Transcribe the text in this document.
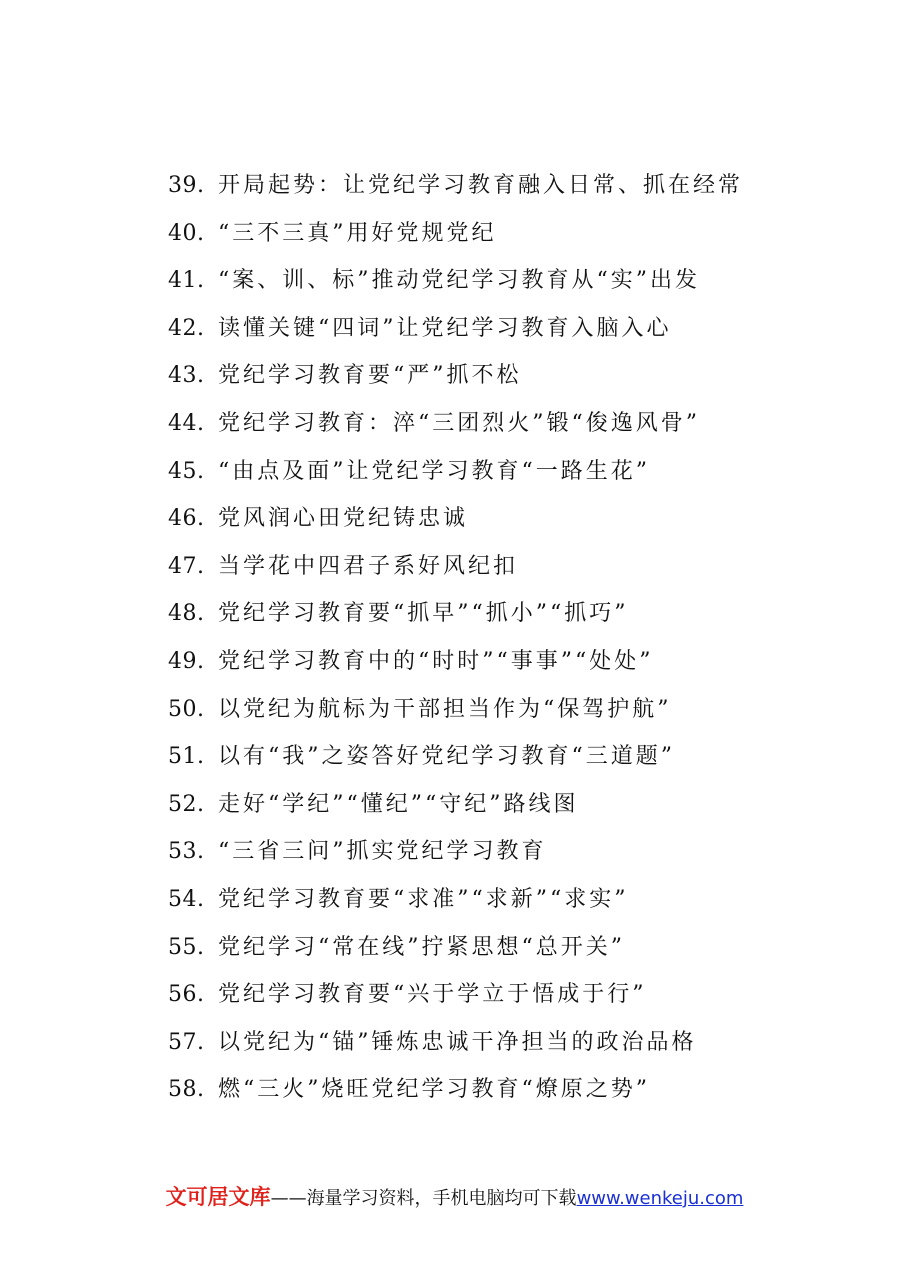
39. 开局起势：让党纪学习教育融入日常、抓在经常
40. “三不三真”用好党规党纪
41. “案、训、标”推动党纪学习教育从“实”出发
42. 读懂关键“四词”让党纪学习教育入脑入心
43. 党纪学习教育要“严”抓不松
44. 党纪学习教育：淬“三团烈火”锻“俊逸风骨”
45. “由点及面”让党纪学习教育“一路生花”
46. 党风润心田党纪铸忠诚
47. 当学花中四君子系好风纪扣
48. 党纪学习教育要“抓早”“抓小”“抓巧”
49. 党纪学习教育中的“时时”“事事”“处处”
50. 以党纪为航标为干部担当作为“保驾护航”
51. 以有“我”之姿答好党纪学习教育“三道题”
52. 走好“学纪”“懂纪”“守纪”路线图
53. “三省三问”抓实党纪学习教育
54. 党纪学习教育要“求准”“求新”“求实”
55. 党纪学习“常在线”拧紧思想“总开关”
56. 党纪学习教育要“兴于学立于悟成于行”
57. 以党纪为“锚”锤炼忠诚干净担当的政治品格
58. 燃“三火”烧旺党纪学习教育“燎原之势”
文可居文库——海量学习资料，手机电脑均可下载www.wenkeju.com
